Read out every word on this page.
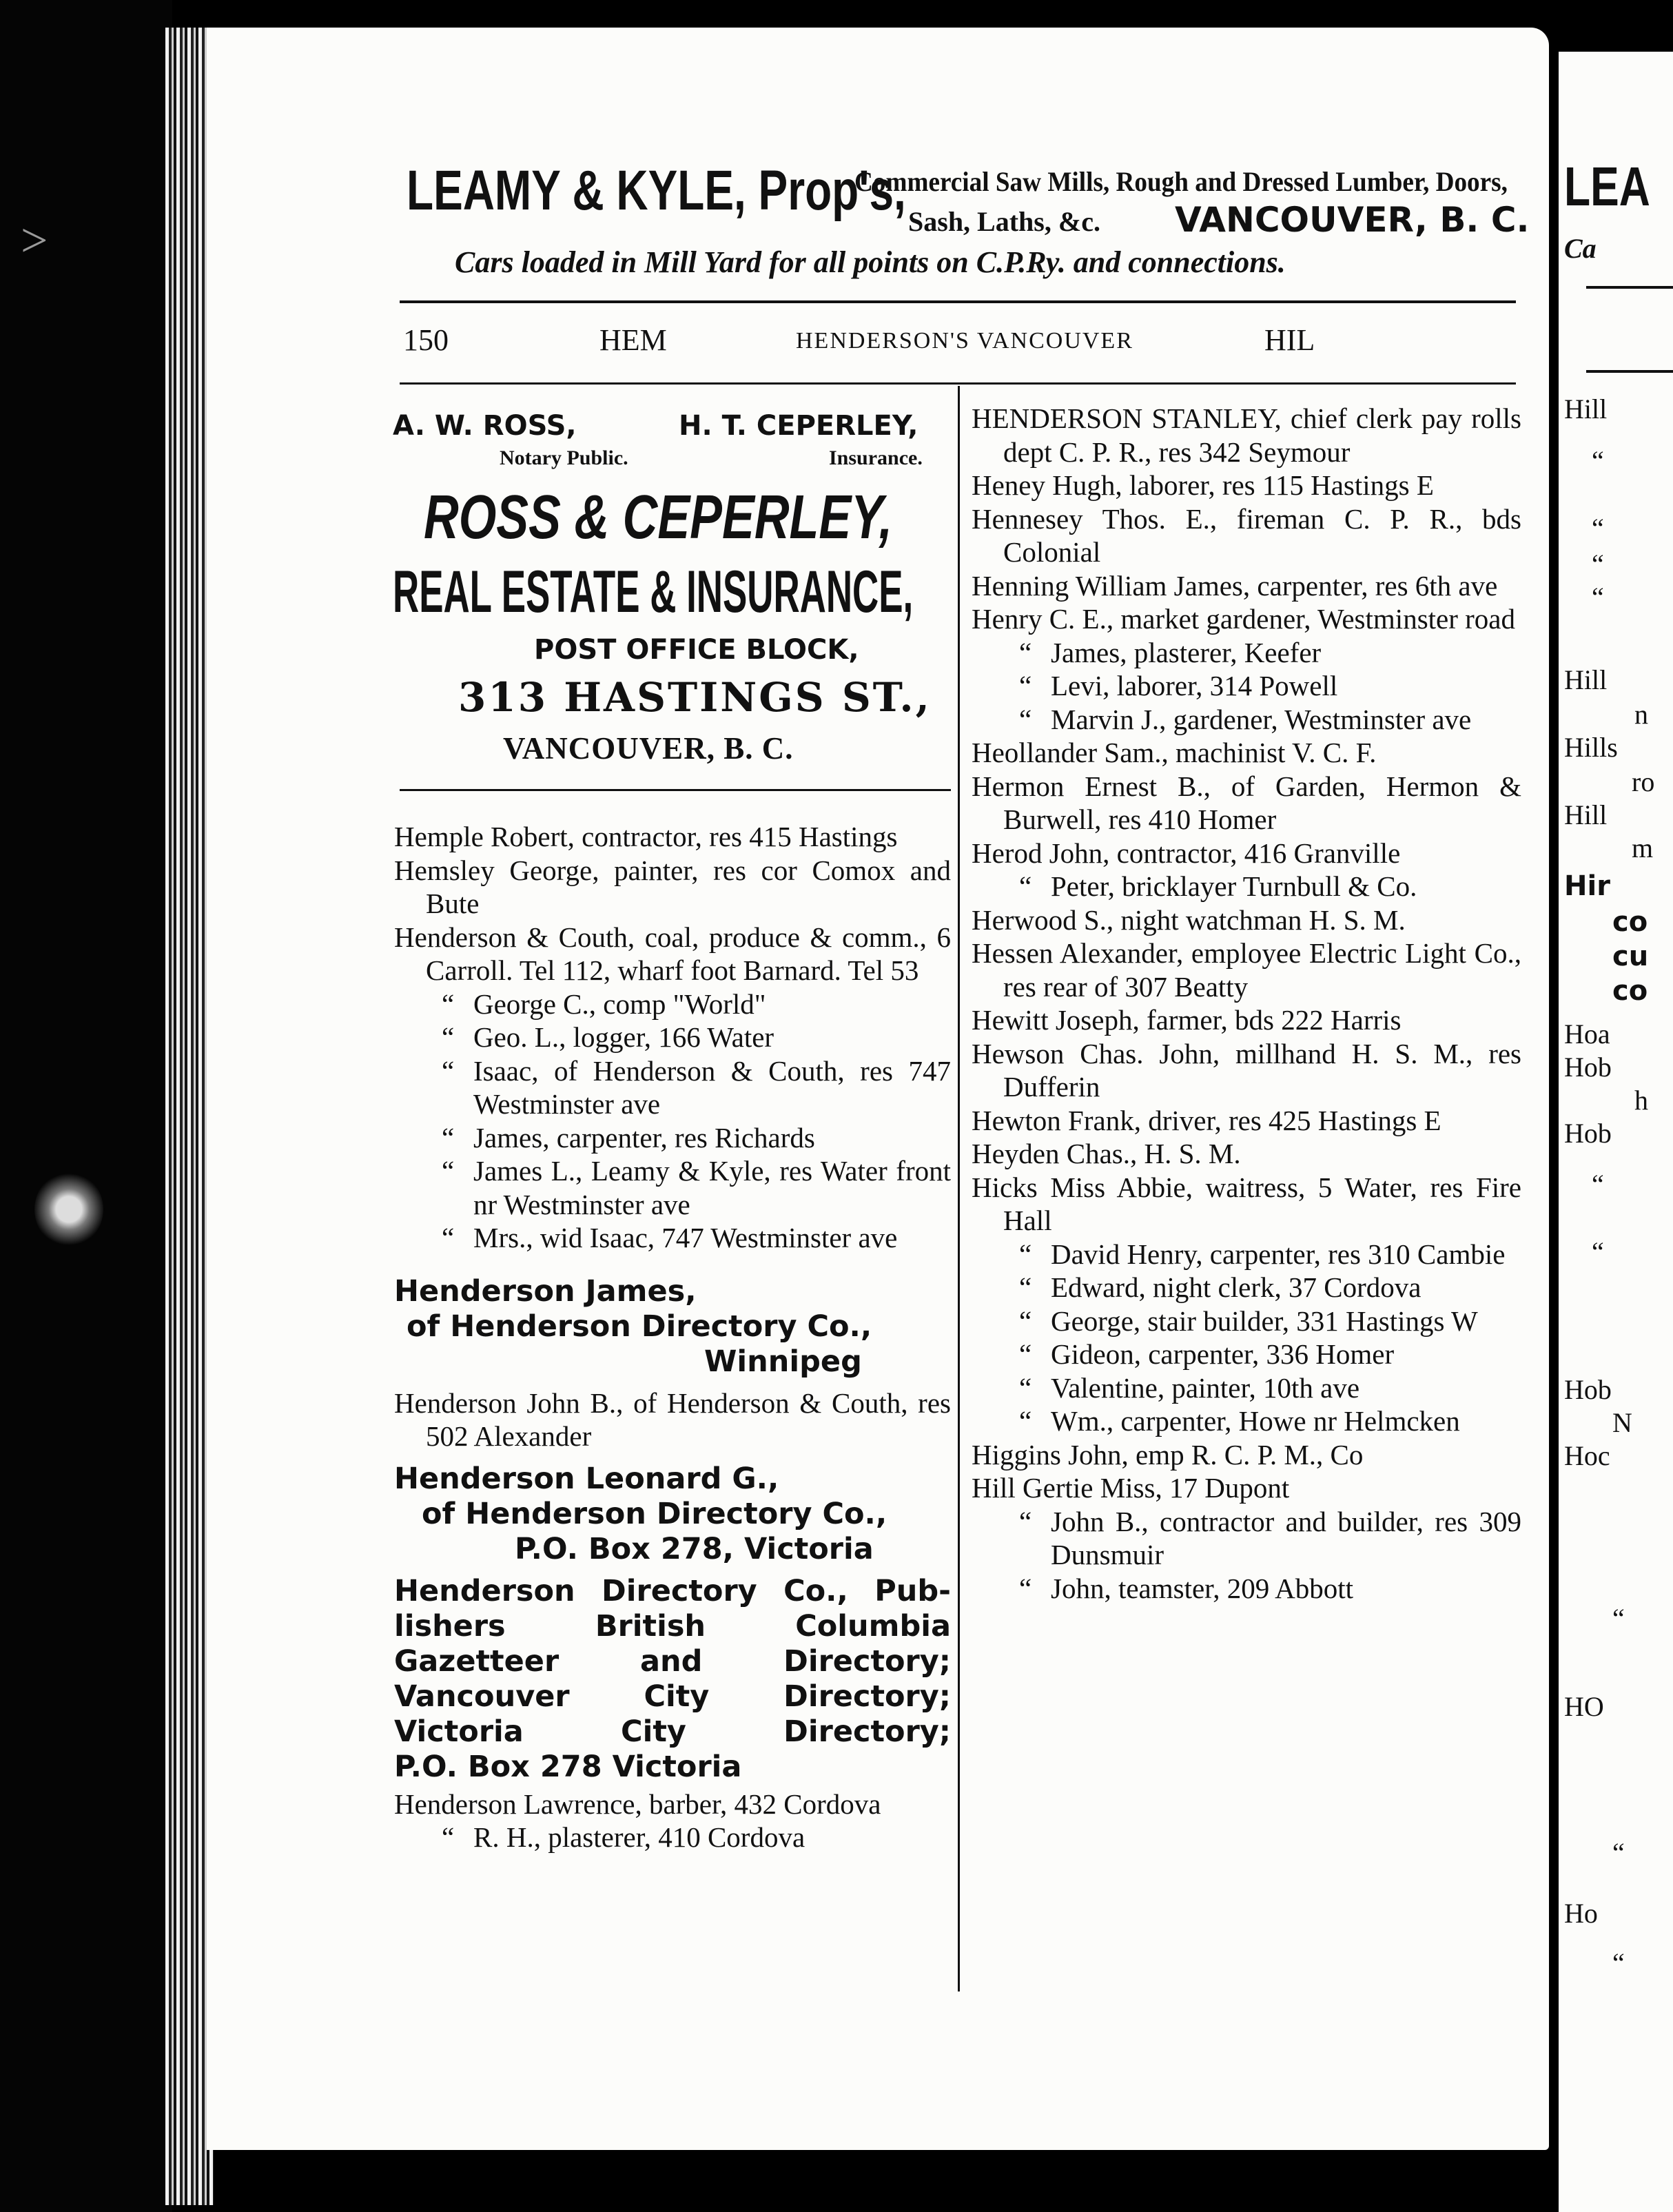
>
LEA
Ca
Hill
“
“
“
“
Hill
n
Hills
ro
Hill
m
Hir
co
cu
co
Hoa
Hob
h
Hob
“
“
Hob
N
Hoc
“
HO
“
Ho
“
LEAMY & KYLE, Prop's,
Commercial Saw Mills, Rough and Dressed Lumber, Doors,
Sash, Laths, &c. VANCOUVER, B. C.
Cars loaded in Mill Yard for all points on C.P.Ry. and connections.
150	HEM	HENDERSON'S VANCOUVER	HIL
A. W. ROSS,	H. T. CEPERLEY,
Notary Public.	Insurance.
ROSS & CEPERLEY,
REAL ESTATE & INSURANCE,
POST OFFICE BLOCK,
313 HASTINGS ST.,
VANCOUVER, B. C.
Hemple Robert, contractor, res 415 Hastings
Hemsley George, painter, res cor Comox and Bute
Henderson & Couth, coal, produce & comm., 6 Carroll. Tel 112, wharf foot Barnard. Tel 53
“ George C., comp "World"
“ Geo. L., logger, 166 Water
“ Isaac, of Henderson & Couth, res 747 Westminster ave
“ James, carpenter, res Richards
“ James L., Leamy & Kyle, res Water front nr Westminster ave
“ Mrs., wid Isaac, 747 Westminster ave
Henderson James,
of Henderson Directory Co.,
Winnipeg
Henderson John B., of Henderson & Couth, res 502 Alexander
Henderson Leonard G.,
of Henderson Directory Co.,
P.O. Box 278, Victoria
Henderson Directory Co., Pub-
lishers British Columbia
Gazetteer and Directory;
Vancouver City Directory;
Victoria City Directory;
P.O. Box 278 Victoria
Henderson Lawrence, barber, 432 Cordova
“ R. H., plasterer, 410 Cordova
HENDERSON STANLEY, chief clerk pay rolls dept C. P. R., res 342 Seymour
Heney Hugh, laborer, res 115 Hastings E
Hennesey Thos. E., fireman C. P. R., bds Colonial
Henning William James, carpenter, res 6th ave
Henry C. E., market gardener, Westminster road
“ James, plasterer, Keefer
“ Levi, laborer, 314 Powell
“ Marvin J., gardener, Westminster ave
Heollander Sam., machinist V. C. F.
Hermon Ernest B., of Garden, Hermon & Burwell, res 410 Homer
Herod John, contractor, 416 Granville
“ Peter, bricklayer Turnbull & Co.
Herwood S., night watchman H. S. M.
Hessen Alexander, employee Electric Light Co., res rear of 307 Beatty
Hewitt Joseph, farmer, bds 222 Harris
Hewson Chas. John, millhand H. S. M., res Dufferin
Hewton Frank, driver, res 425 Hastings E
Heyden Chas., H. S. M.
Hicks Miss Abbie, waitress, 5 Water, res Fire Hall
“ David Henry, carpenter, res 310 Cambie
“ Edward, night clerk, 37 Cordova
“ George, stair builder, 331 Hastings W
“ Gideon, carpenter, 336 Homer
“ Valentine, painter, 10th ave
“ Wm., carpenter, Howe nr Helmcken
Higgins John, emp R. C. P. M., Co
Hill Gertie Miss, 17 Dupont
“ John B., contractor and builder, res 309 Dunsmuir
“ John, teamster, 209 Abbott
